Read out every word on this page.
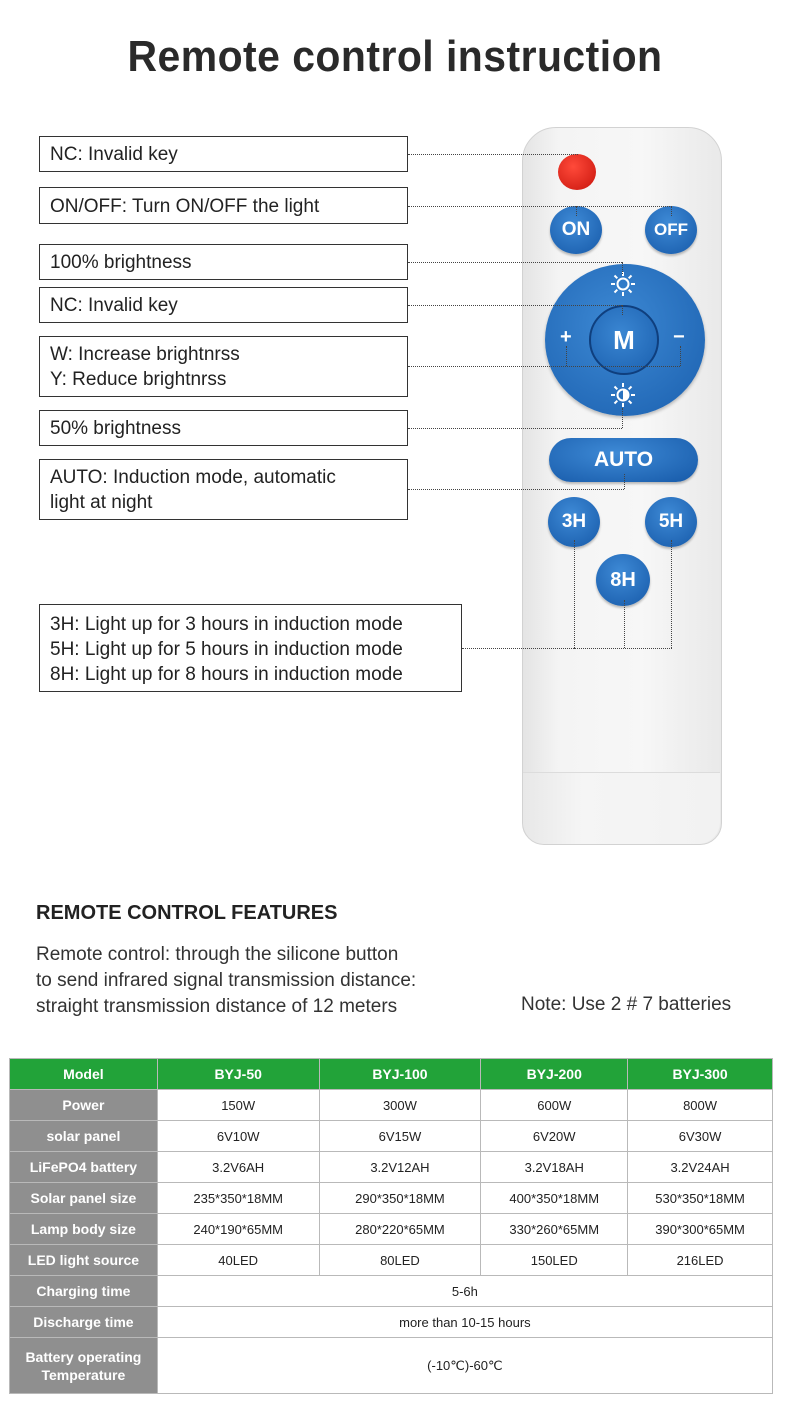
Remote control instruction
NC: Invalid key
ON/OFF: Turn ON/OFF the light
100% brightness
NC: Invalid key
W: Increase brightnrss
Y: Reduce brightnrss
50% brightness
AUTO: Induction mode, automatic
light at night
3H: Light up for 3 hours in induction mode
5H: Light up for 5 hours in induction mode
8H: Light up for 8 hours in induction mode
ON	OFF
+	−
M
AUTO
3H	5H
8H
REMOTE CONTROL FEATURES
Remote control: through the silicone button
to send infrared signal transmission distance:
straight transmission distance of 12 meters	Note: Use 2 # 7 batteries
Model	BYJ-50	BYJ-100	BYJ-200	BYJ-300
Power	150W	300W	600W	800W
solar panel	6V10W	6V15W	6V20W	6V30W
LiFePO4 battery	3.2V6AH	3.2V12AH	3.2V18AH	3.2V24AH
Solar panel size	235*350*18MM	290*350*18MM	400*350*18MM	530*350*18MM
Lamp body size	240*190*65MM	280*220*65MM	330*260*65MM	390*300*65MM
LED light source	40LED	80LED	150LED	216LED
Charging time	5-6h			
Discharge time	more than 10-15 hours			
Battery operating Temperature	(-10℃)-60℃			
